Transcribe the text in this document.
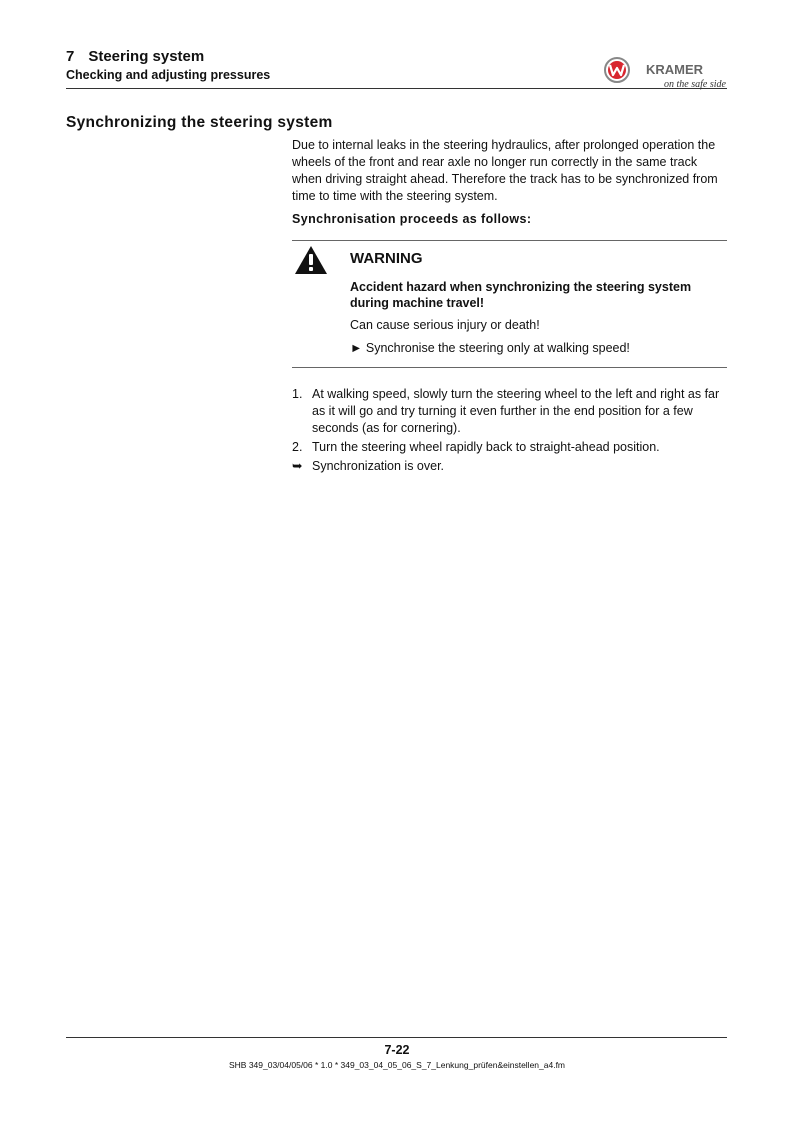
7 Steering system
Checking and adjusting pressures	KRAMER
on the safe side
Synchronizing the steering system
Due to internal leaks in the steering hydraulics, after prolonged operation the wheels of the front and rear axle no longer run correctly in the same track when driving straight ahead. Therefore the track has to be synchronized from time to time with the steering system.
Synchronisation proceeds as follows:
WARNING
Accident hazard when synchronizing the steering system during machine travel!
Can cause serious injury or death!
► Synchronise the steering only at walking speed!
1. At walking speed, slowly turn the steering wheel to the left and right as far as it will go and try turning it even further in the end position for a few seconds (as for cornering).
2. Turn the steering wheel rapidly back to straight-ahead position.
➥ Synchronization is over.
7-22
SHB 349_03/04/05/06 * 1.0 * 349_03_04_05_06_S_7_Lenkung_prüfen&einstellen_a4.fm
